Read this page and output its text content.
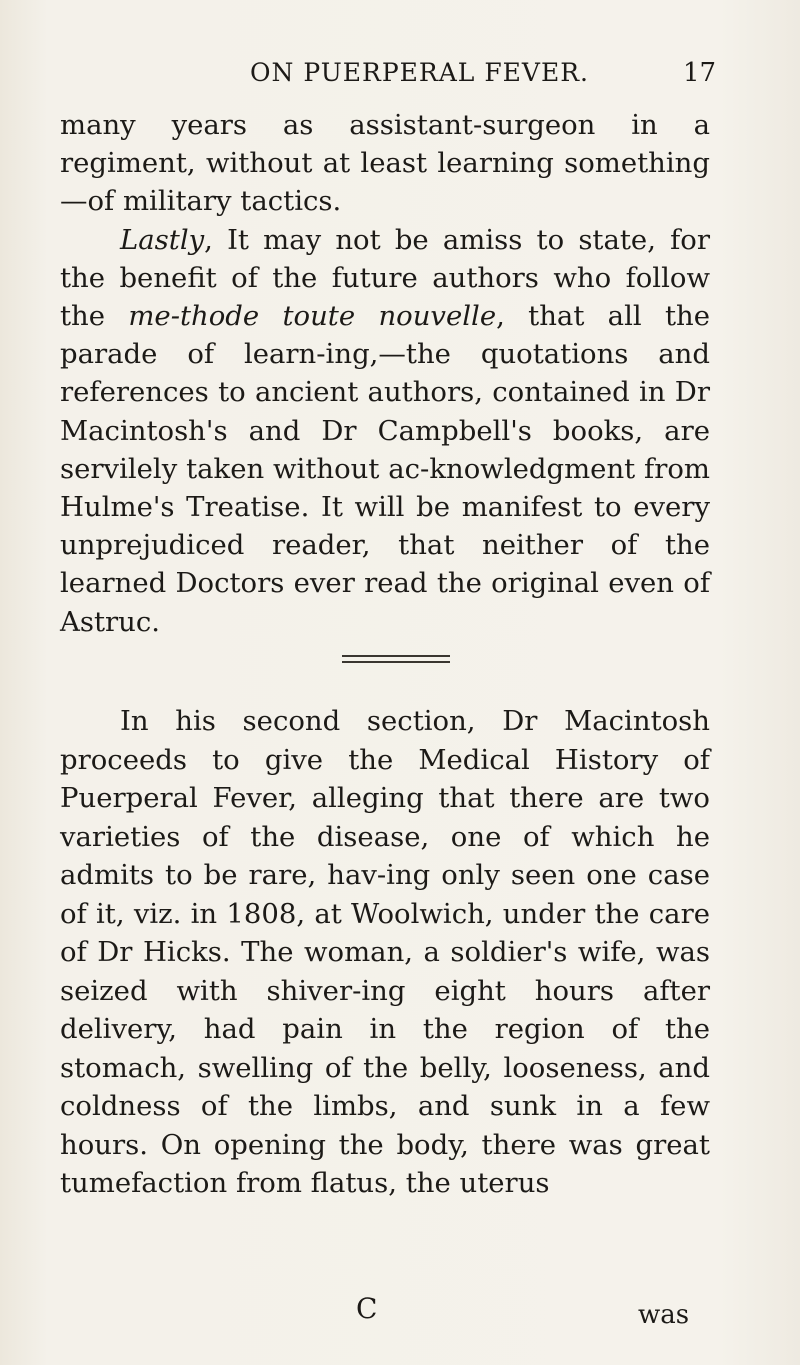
ON PUERPERAL FEVER.	17

many years as assistant-surgeon in a regiment, without at least learning something—of military tactics.

Lastly, It may not be amiss to state, for the benefit of the future authors who follow the me-thode toute nouvelle, that all the parade of learn-ing,—the quotations and references to ancient authors, contained in Dr Macintosh's and Dr Campbell's books, are servilely taken without ac-knowledgment from Hulme's Treatise. It will be manifest to every unprejudiced reader, that neither of the learned Doctors ever read the original even of Astruc.

In his second section, Dr Macintosh proceeds to give the Medical History of Puerperal Fever, alleging that there are two varieties of the disease, one of which he admits to be rare, hav-ing only seen one case of it, viz. in 1808, at Woolwich, under the care of Dr Hicks. The woman, a soldier's wife, was seized with shiver-ing eight hours after delivery, had pain in the region of the stomach, swelling of the belly, looseness, and coldness of the limbs, and sunk in a few hours. On opening the body, there was great tumefaction from flatus, the uterus

C	was
